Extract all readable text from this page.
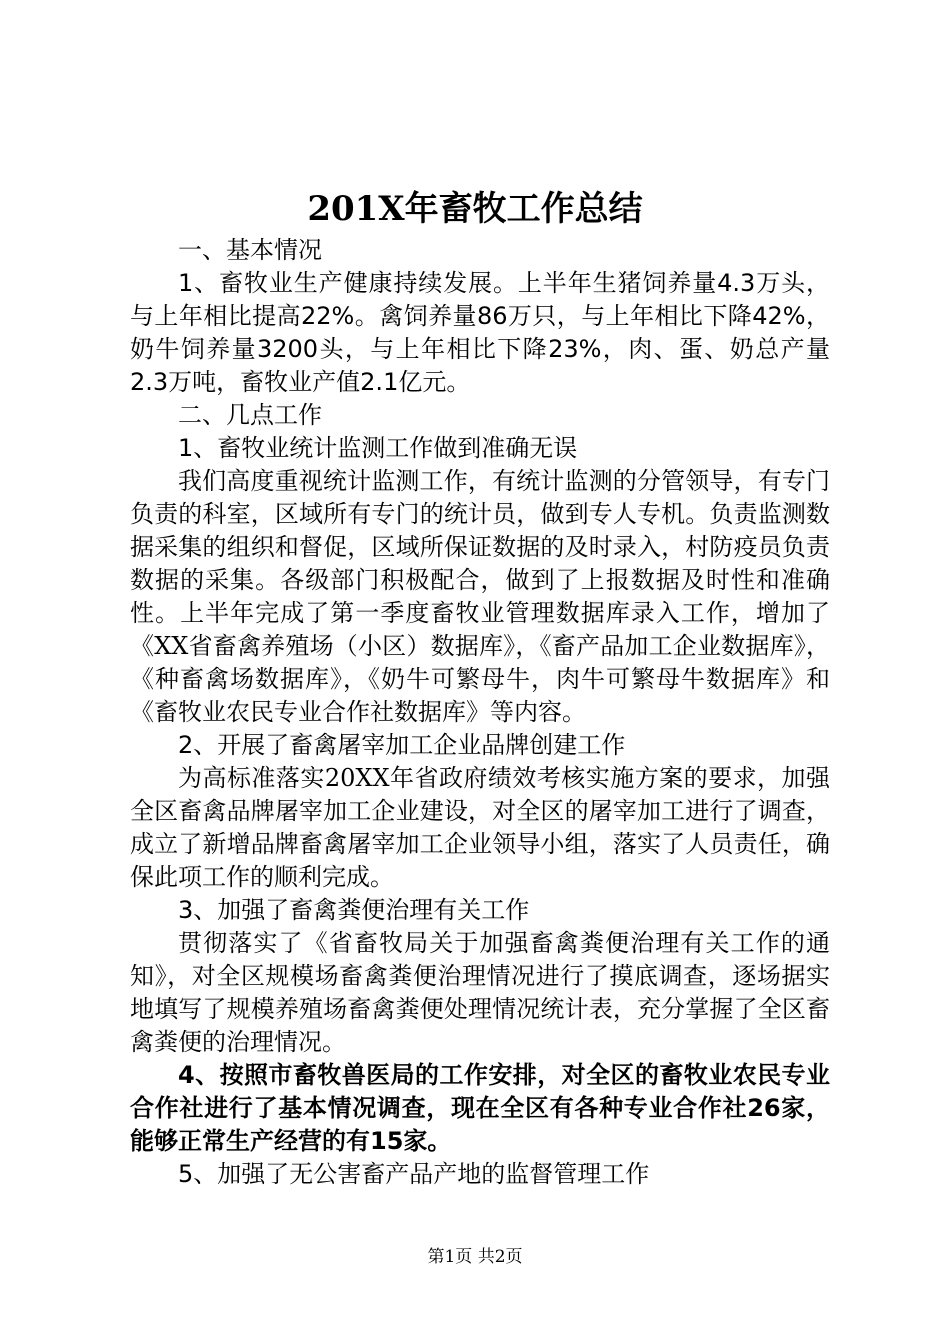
201X年畜牧工作总结

一、基本情况

1、畜牧业生产健康持续发展。上半年生猪饲养量4.3万头，与上年相比提高22%。禽饲养量86万只，与上年相比下降42%，奶牛饲养量3200头，与上年相比下降23%，肉、蛋、奶总产量2.3万吨，畜牧业产值2.1亿元。

二、几点工作

1、畜牧业统计监测工作做到准确无误

我们高度重视统计监测工作，有统计监测的分管领导，有专门负责的科室，区域所有专门的统计员，做到专人专机。负责监测数据采集的组织和督促，区域所保证数据的及时录入，村防疫员负责数据的采集。各级部门积极配合，做到了上报数据及时性和准确性。上半年完成了第一季度畜牧业管理数据库录入工作，增加了《XX省畜禽养殖场（小区）数据库》，《畜产品加工企业数据库》，《种畜禽场数据库》，《奶牛可繁母牛，肉牛可繁母牛数据库》和《畜牧业农民专业合作社数据库》等内容。

2、开展了畜禽屠宰加工企业品牌创建工作

为高标准落实20XX年省政府绩效考核实施方案的要求，加强全区畜禽品牌屠宰加工企业建设，对全区的屠宰加工进行了调查，成立了新增品牌畜禽屠宰加工企业领导小组，落实了人员责任，确保此项工作的顺利完成。

3、加强了畜禽粪便治理有关工作

贯彻落实了《省畜牧局关于加强畜禽粪便治理有关工作的通知》，对全区规模场畜禽粪便治理情况进行了摸底调查，逐场据实地填写了规模养殖场畜禽粪便处理情况统计表，充分掌握了全区畜禽粪便的治理情况。

4、按照市畜牧兽医局的工作安排，对全区的畜牧业农民专业合作社进行了基本情况调查，现在全区有各种专业合作社26家，能够正常生产经营的有15家。

5、加强了无公害畜产品产地的监督管理工作

第1页 共2页
